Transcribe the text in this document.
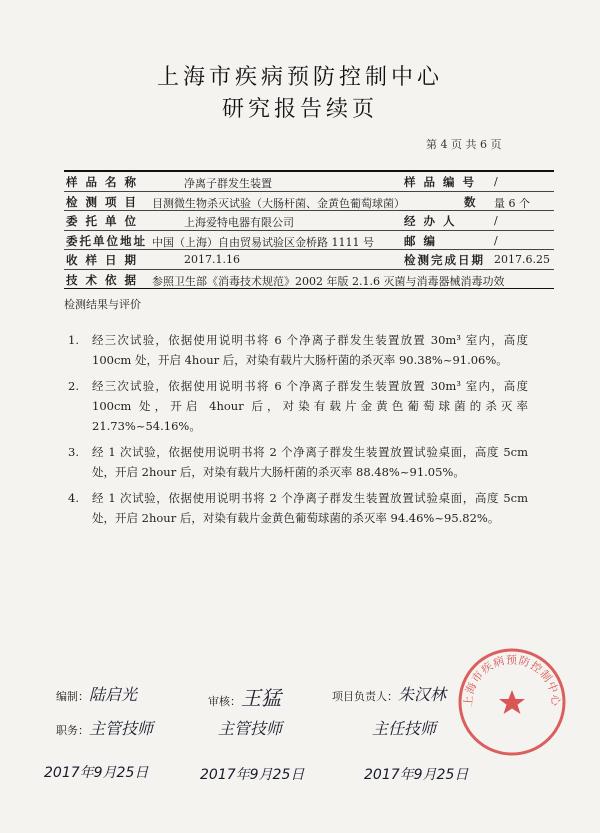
上海市疾病预防控制中心
研究报告续页
第 4 页 共 6 页
样 品 名 称	净离子群发生装置	样 品 编 号	/
检 测 项 目	目测微生物杀灭试验（大肠杆菌、金黄色葡萄球菌）	数	量 6 个
委 托 单 位	上海爱特电器有限公司	经 办 人	/
委托单位地址 中国（上海）自由贸易试验区金桥路 1111 号	邮 编	/
收 样 日 期	2017.1.16	检测完成日期 2017.6.25
技 术 依 据	参照卫生部《消毒技术规范》2002 年版 2.1.6 灭菌与消毒器械消毒功效
检测结果与评价
1. 经三次试验，依据使用说明书将 6 个净离子群发生装置放置 30m³ 室内，高度 100cm 处，开启 4hour 后，对染有载片大肠杆菌的杀灭率 90.38%~91.06%。
2. 经三次试验，依据使用说明书将 6 个净离子群发生装置放置 30m³ 室内，高度 100cm 处，开启 4hour 后，对染有载片金黄色葡萄球菌的杀灭率 21.73%~54.16%。
3. 经 1 次试验，依据使用说明书将 2 个净离子群发生装置放置试验桌面，高度 5cm 处，开启 2hour 后，对染有载片大肠杆菌的杀灭率 88.48%~91.05%。
4. 经 1 次试验，依据使用说明书将 2 个净离子群发生装置放置试验桌面，高度 5cm 处，开启 2hour 后，对染有载片金黄色葡萄球菌的杀灭率 94.46%~95.82%。
编制：陆启光	审核：王猛	项目负责人：朱汉林
职务：主管技师	主管技师	主任技师
2017年9月25日	2017年9月25日	2017年9月25日
上海市疾病预防控制中心
